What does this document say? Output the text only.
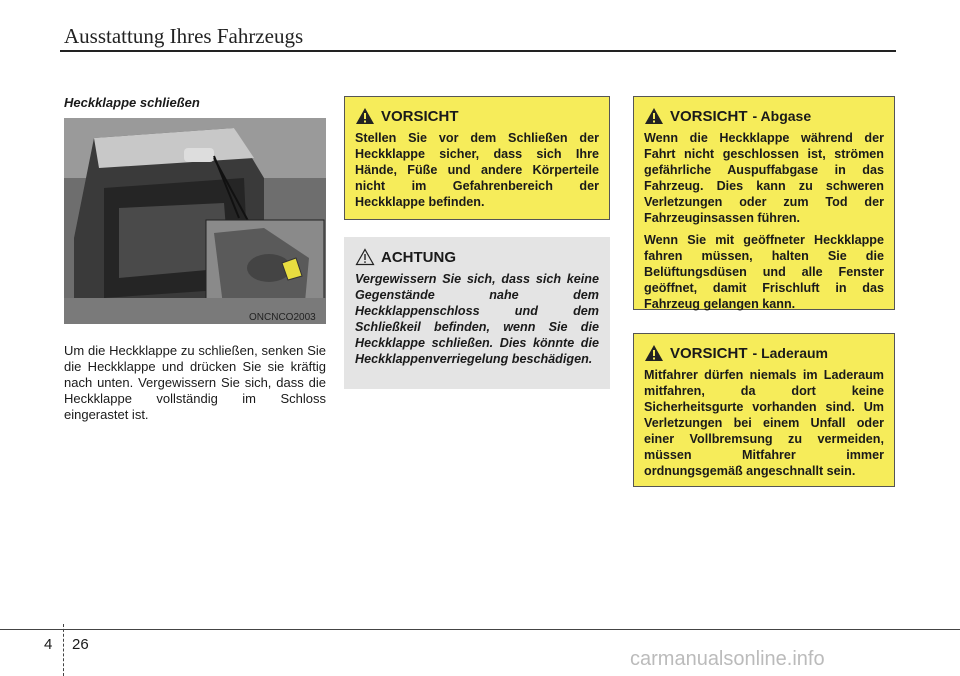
Ausstattung Ihres Fahrzeugs
Heckklappe schließen
ONCNCO2003
Um die Heckklappe zu schließen, senken Sie die Heckklappe und drücken Sie sie kräftig nach unten. Vergewissern Sie sich, dass die Heckklappe vollständig im Schloss eingerastet ist.
VORSICHT
Stellen Sie vor dem Schließen der Heckklappe sicher, dass sich Ihre Hände, Füße und andere Körperteile nicht im Gefahrenbereich der Heckklappe befinden.
ACHTUNG
Vergewissern Sie sich, dass sich keine Gegenstände nahe dem Heckklappenschloss und dem Schließkeil befinden, wenn Sie die Heckklappe schließen. Dies könnte die Heckklappenverriegelung beschädigen.
VORSICHT - Abgase

Wenn die Heckklappe während der Fahrt nicht geschlossen ist, strömen gefährliche Auspuffabgase in das Fahrzeug. Dies kann zu schweren Verletzungen oder zum Tod der Fahrzeuginsassen führen.

Wenn Sie mit geöffneter Heckklappe fahren müssen, halten Sie die Belüftungsdüsen und alle Fenster geöffnet, damit Frischluft in das Fahrzeug gelangen kann.

VORSICHT - Laderaum
Mitfahrer dürfen niemals im Laderaum mitfahren, da dort keine Sicherheitsgurte vorhanden sind. Um Verletzungen bei einem Unfall oder einer Vollbremsung zu vermeiden, müssen Mitfahrer immer ordnungsgemäß angeschnallt sein.
4 26
carmanualsonline.info
